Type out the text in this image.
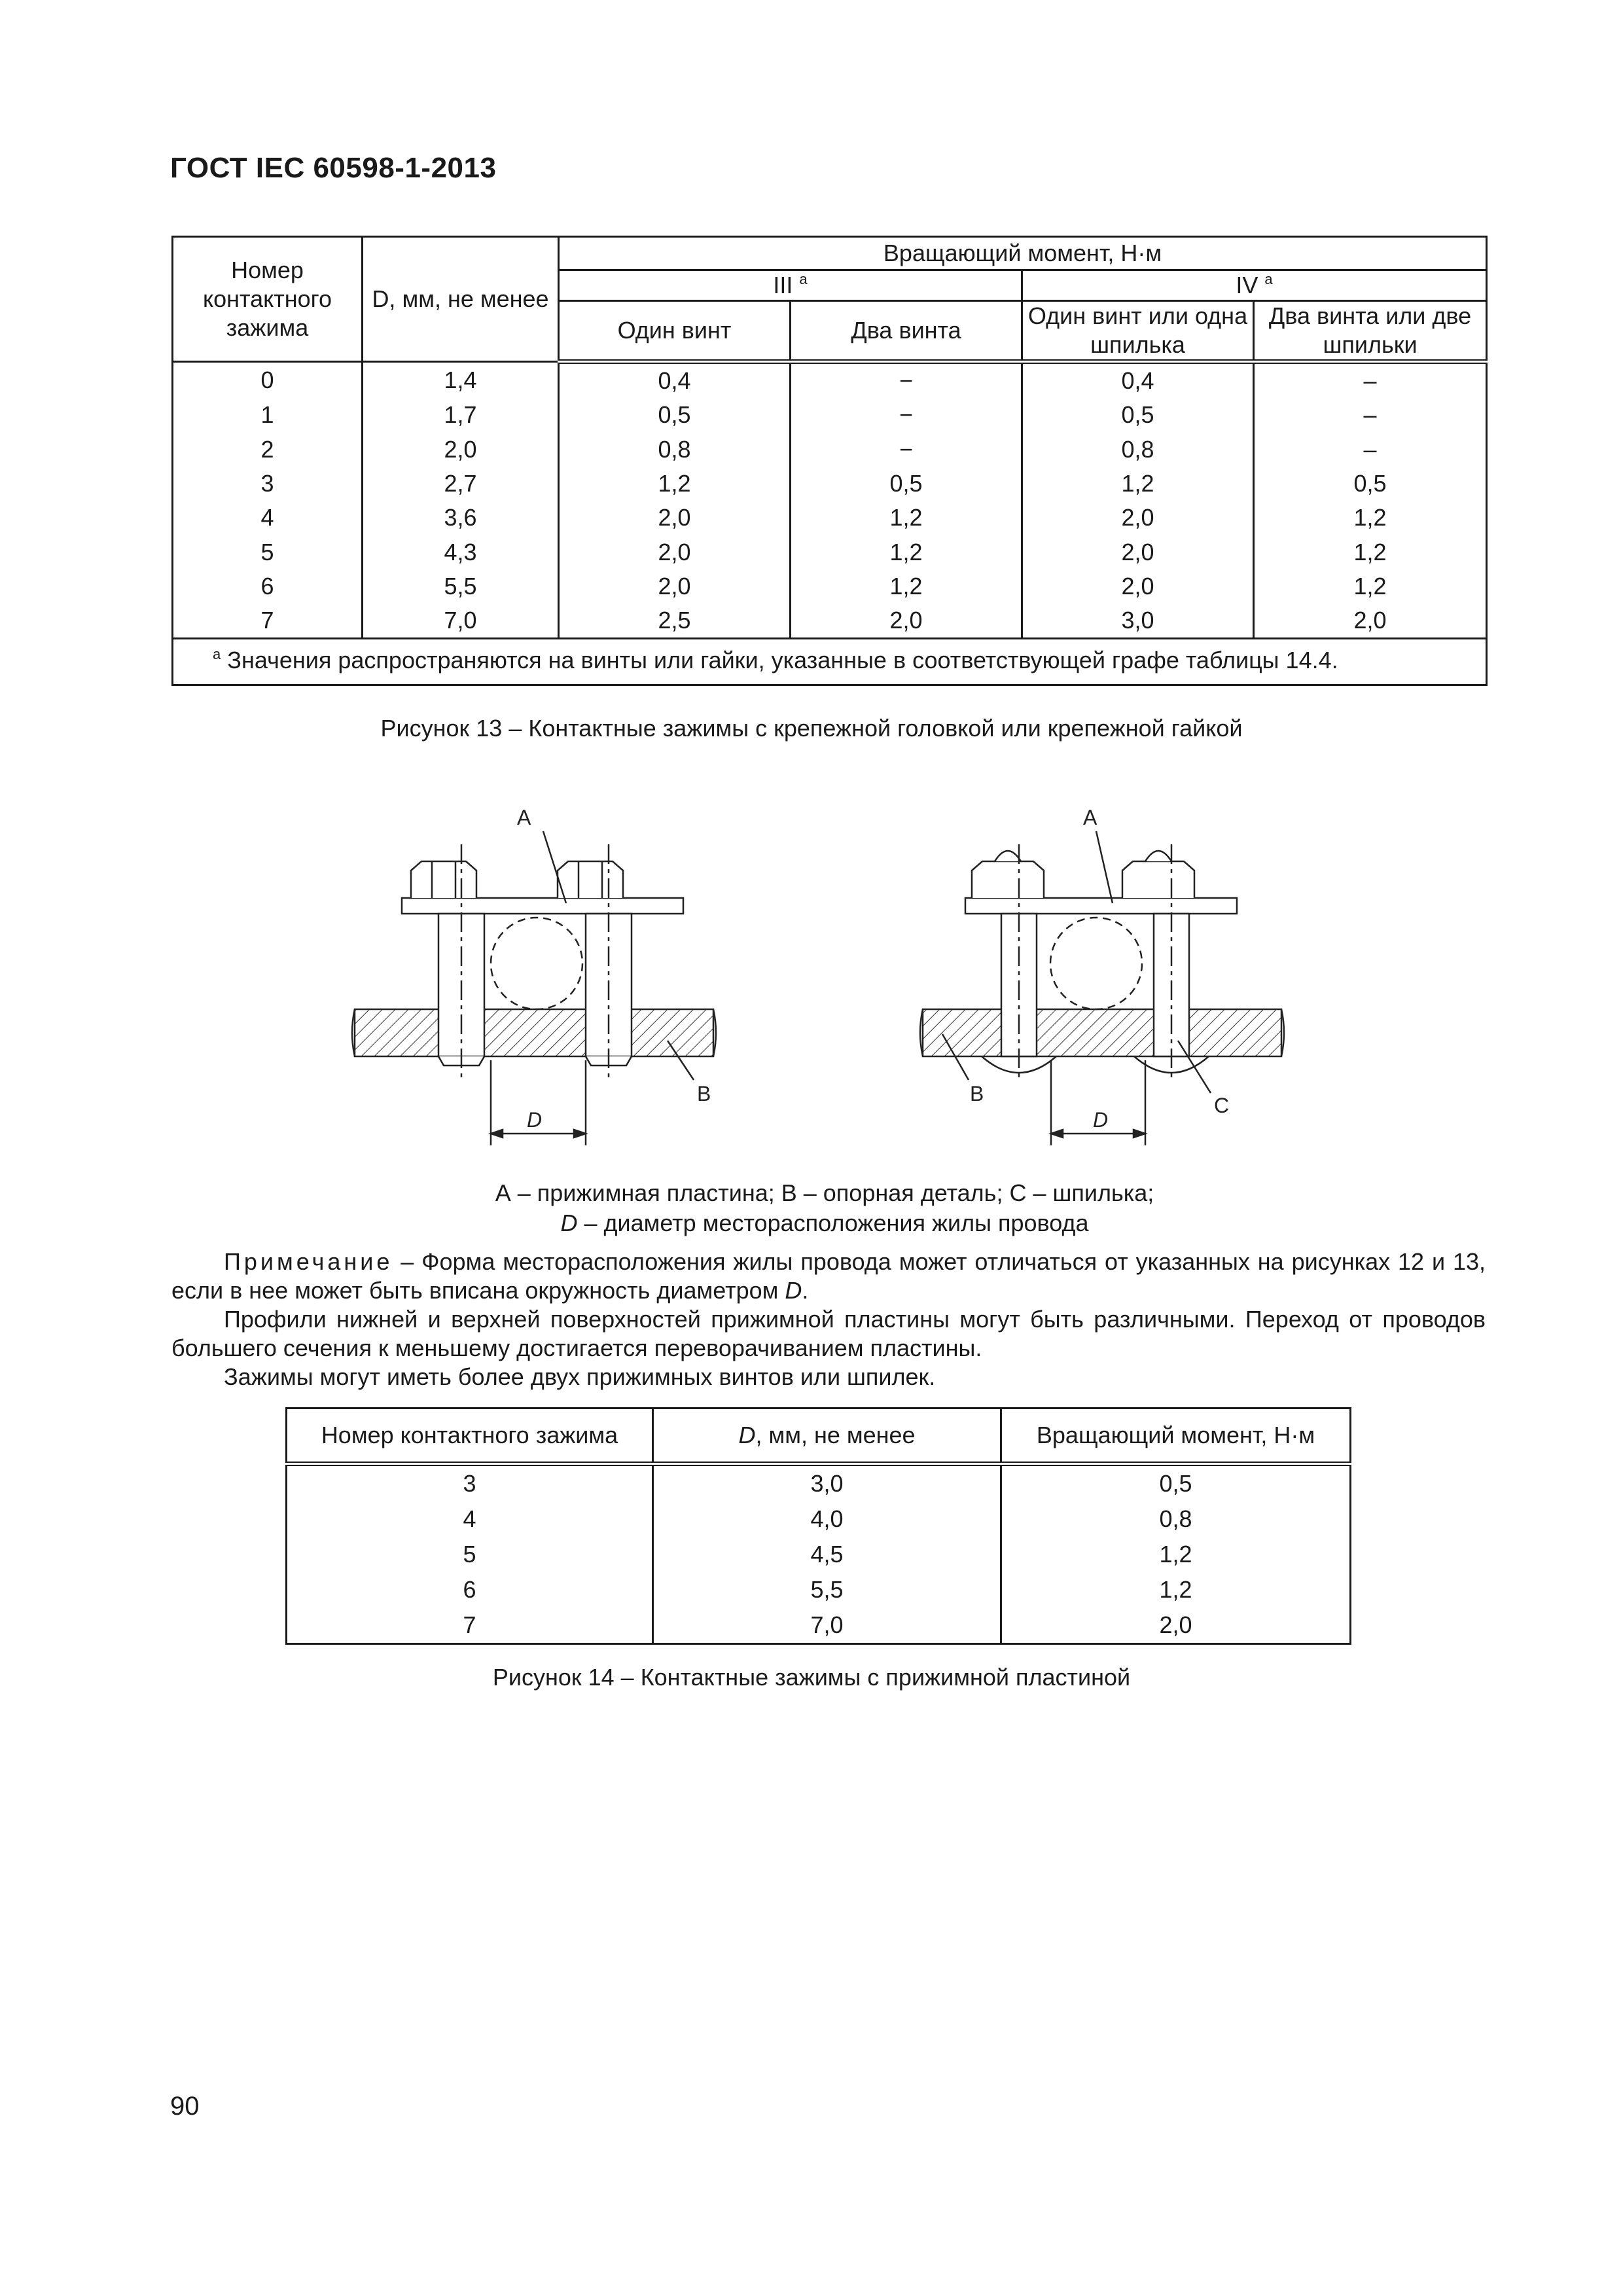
ГОСТ IEC 60598-1-2013
Номер контактного зажима	D, мм, не менее	Вращающий момент, Н·м			
		III $^а$		IV $^а$
		Один винт	Два винта	Один винт или одна шпилька	Два винта или две шпильки
0	1,4	0,4	−	0,4	–
1	1,7	0,5	−	0,5	–
2	2,0	0,8	−	0,8	–
3	2,7	1,2	0,5	1,2	0,5
4	3,6	2,0	1,2	2,0	1,2
5	4,3	2,0	1,2	2,0	1,2
6	5,5	2,0	1,2	2,0	1,2
7	7,0	2,5	2,0	3,0	2,0
$^а$ Значения распространяются на винты или гайки, указанные в соответствующей графе таблицы 14.4.					
Рисунок 13 – Контактные зажимы с крепежной головкой или крепежной гайкой
A
B
D
A
B	C
D
А – прижимная пластина; В – опорная деталь; С – шпилька;
D – диаметр месторасположения жилы провода

Примечание – Форма месторасположения жилы провода может отличаться от указанных на рисунках 12 и 13, если в нее может быть вписана окружность диаметром D.

Профили нижней и верхней поверхностей прижимной пластины могут быть различными. Переход от проводов большего сечения к меньшему достигается переворачиванием пластины.

Зажимы могут иметь более двух прижимных винтов или шпилек.

Номер контактного зажима	D, мм, не менее	Вращающий момент, Н·м
3	3,0	0,5
4	4,0	0,8
5	4,5	1,2
6	5,5	1,2
7	7,0	2,0
Рисунок 14 – Контактные зажимы с прижимной пластиной
90
